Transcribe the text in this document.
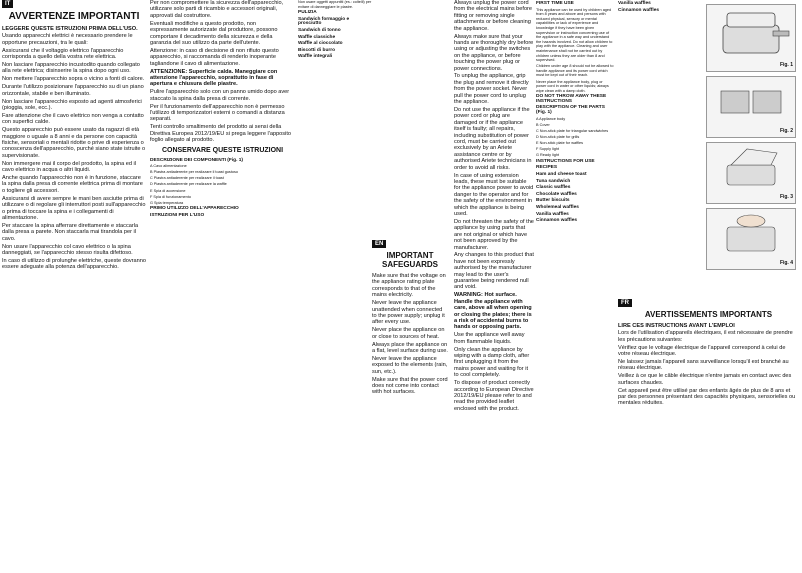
IT
AVVERTENZE IMPORTANTI

LEGGERE QUESTE ISTRUZIONI PRIMA DELL'USO.

Usando apparecchi elettrici è necessario prendere le opportune precauzioni, tra le quali:

Assicurarsi che il voltaggio elettrico l'apparecchio corrisponda a quello della vostra rete elettrica.

Non lasciare l'apparecchio incustodito quando collegato alla rete elettrica; disinserire la spina dopo ogni uso.

Non mettere l'apparecchio sopra o vicino a fonti di calore.

Durante l'utilizzo posizionare l'apparecchio su di un piano orizzontale, stabile e ben illuminato.

Non lasciare l'apparecchio esposto ad agenti atmosferici (pioggia, sole, ecc.).

Fare attenzione che il cavo elettrico non venga a contatto con superfici calde.

Questo apparecchio può essere usato da ragazzi di età maggiore o uguale a 8 anni e da persone con capacità fisiche, sensoriali o mentali ridotte o prive di esperienza o conoscenza dell'apparecchio, purché siano state istruite o supervisionate.

Non immergere mai il corpo del prodotto, la spina ed il cavo elettrico in acqua o altri liquidi.

Anche quando l'apparecchio non è in funzione, staccare la spina dalla presa di corrente elettrica prima di montare o togliere gli accessori.

Assicurarsi di avere sempre le mani ben asciutte prima di utilizzare o di regolare gli interruttori posti sull'apparecchio o prima di toccare la spina e i collegamenti di alimentazione.

Per staccare la spina afferrare direttamente e staccarla dalla presa a parete. Non staccarla mai tirandola per il cavo.

Non usare l'apparecchio col cavo elettrico o la spina danneggiati, se l'apparecchio stesso risulta difettoso.

In caso di utilizzo di prolunghe elettriche, queste dovranno essere adeguate alla potenza dell'apparecchio.

Per non compromettere la sicurezza dell'apparecchio, utilizzare solo parti di ricambio e accessori originali, approvati dal costruttore.

Eventuali modifiche a questo prodotto, non espressamente autorizzate dal produttore, possono comportare il decadimento della sicurezza e della garanzia del suo utilizzo da parte dell'utente.

Attenzione: in caso di decisione di non rifiuto questo apparecchio, si raccomanda di renderlo inoperante tagliandone il cavo di alimentazione.

ATTENZIONE: Superficie calda. Maneggiare con attenzione l'apparecchio, soprattutto in fase di apertura e chiusura delle piastre.

Pulire l'apparecchio solo con un panno umido dopo aver staccato la spina dalla presa di corrente.

Per il funzionamento dell'apparecchio non è permesso l'utilizzo di temporizzatori esterni o comandi a distanza separati.

Tenti controllo smaltimento del prodotto ai sensi della Direttiva Europea 2012/19/EU si prega leggere l'apposito foglio allegato al prodotto.

CONSERVARE QUESTE ISTRUZIONI

DESCRIZIONE DEI COMPONENTI (Fig. 1)

A Cavo alimentazione

B Piastra antiaderente per realizzare il toast gustoso

C Piastra antiaderente per realizzare il toast

D Piastra antiaderente per realizzare la waffle

E Spia di accensione

F Spia di funzionamento

G Spia temperatura

PRIMO UTILIZZO DELL'APPARECCHIO

ISTRUZIONI PER L'USO

Non usare oggetti appuntiti (es.: coltelli) per evitare di danneggiare le piastre.

PULIZIA

Sandwich formaggio e prosciutto

Sandwich di tonno

Waffle classiche

Waffle al cioccolato

Biscotti di burro

Waffle integrali

EN
IMPORTANT SAFEGUARDS

Make sure that the voltage on the appliance rating plate corresponds to that of the mains electricity.

Never leave the appliance unattended when connected to the power supply; unplug it after every use.

Never place the appliance on or close to sources of heat.

Always place the appliance on a flat, level surface during use.

Never leave the appliance exposed to the elements (rain, sun, etc.).

Make sure that the power cord does not come into contact with hot surfaces.

Always unplug the power cord from the electrical mains before fitting or removing single attachments or before cleaning the appliance.

Always make sure that your hands are thoroughly dry before using or adjusting the switches on the appliance, or before touching the power plug or power connections.

To unplug the appliance, grip the plug and remove it directly from the power socket. Never pull the power cord to unplug the appliance.

Do not use the appliance if the power cord or plug are damaged or if the appliance itself is faulty; all repairs, including substitution of power cord, must be carried out exclusively by an Ariete assistance centre or by authorised Ariete technicians in order to avoid all risks.

In case of using extension leads, these must be suitable for the appliance power to avoid danger to the operator and for the safety of the environment in which the appliance is being used.

Do not threaten the safety of the appliance by using parts that are not original or which have not been approved by the manufacturer.

Any changes to this product that have not been expressly authorised by the manufacturer may lead to the user's guarantee being rendered null and void.

WARNING: Hot surface. Handle the appliance with care, above all when opening or closing the plates; there is a risk of accidental burns to hands or opposing parts.

Use the appliance well away from flammable liquids.

Only clean the appliance by wiping with a damp cloth, after first unplugging it from the mains power and waiting for it to cool completely.

To dispose of product correctly according to European Directive 2012/19/EU please refer to and read the provided leaflet enclosed with the product.

FIRST TIME USE

This appliance can be used by children aged from 8 years and above and persons with reduced physical, sensory or mental capabilities or lack of experience and knowledge if they have been given supervision or instruction concerning use of the appliance in a safe way and understand the hazards involved. Do not allow children to play with the appliance. Cleaning and user maintenance shall not be carried out by children unless they are older than 8 and supervised.

Children under age 8 should not be allowed to handle appliance and its power cord which must be kept out of their reach.

Never place the appliance body, plug or power cord in water or other liquids; always wipe clean with a damp cloth.

DO NOT THROW AWAY THESE INSTRUCTIONS

DESCRIPTION OF THE PARTS (Fig. 1)

A Appliance body

B Cover

C Non-stick plate for triangular sandwiches

D Non-stick plate for grills

E Non-stick plate for waffles

F Supply light

G Ready light

INSTRUCTIONS FOR USE

RECIPES

Ham and cheese toast

Tuna sandwich

Classic waffles

Chocolate waffles

Butter biscuits

Wholemeal waffles

Vanilla waffles

Cinnamon waffles

Vanilla waffles

Cinnamon waffles

Fig. 1
Fig. 2
Fig. 3
Fig. 4
FR
AVERTISSEMENTS IMPORTANTS

LIRE CES INSTRUCTIONS AVANT L'EMPLOI

Lors de l'utilisation d'appareils électriques, il est nécessaire de prendre les précautions suivantes:

Vérifiez que le voltage électrique de l'appareil correspond à celui de votre réseau électrique.

Ne laissez jamais l'appareil sans surveillance lorsqu'il est branché au réseau électrique.

Veillez à ce que le câble électrique n'entre jamais en contact avec des surfaces chaudes.

Cet appareil peut être utilisé par des enfants âgés de plus de 8 ans et par des personnes présentant des capacités physiques, sensorielles ou mentales réduites.
